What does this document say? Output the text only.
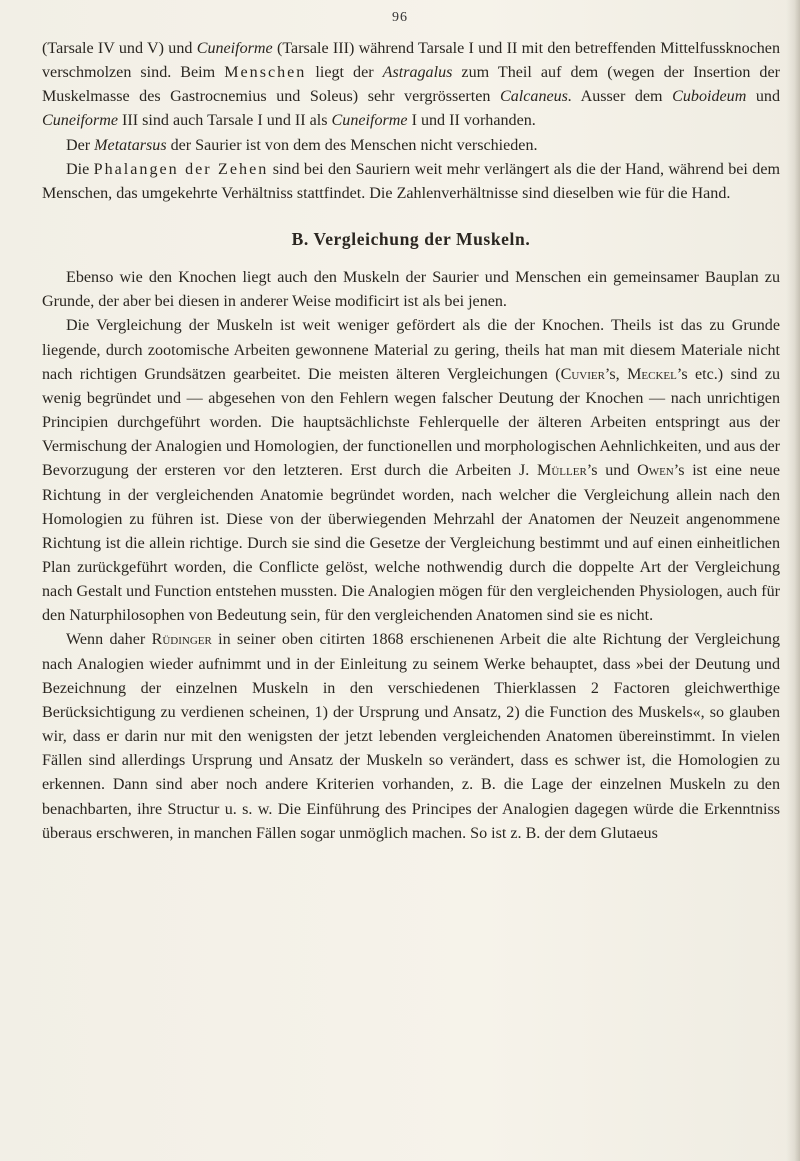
96

(Tarsale IV und V) und Cuneiforme (Tarsale III) während Tarsale I und II mit den betreffenden Mittelfussknochen verschmolzen sind. Beim Menschen liegt der Astragalus zum Theil auf dem (wegen der Insertion der Muskelmasse des Gastrocnemius und Soleus) sehr vergrösserten Calcaneus. Ausser dem Cuboideum und Cuneiforme III sind auch Tarsale I und II als Cuneiforme I und II vorhanden.

Der Metatarsus der Saurier ist von dem des Menschen nicht verschieden.

Die Phalangen der Zehen sind bei den Sauriern weit mehr verlängert als die der Hand, während bei dem Menschen, das umgekehrte Verhältniss stattfindet. Die Zahlenverhältnisse sind dieselben wie für die Hand.

B. Vergleichung der Muskeln.

Ebenso wie den Knochen liegt auch den Muskeln der Saurier und Menschen ein gemeinsamer Bauplan zu Grunde, der aber bei diesen in anderer Weise modificirt ist als bei jenen.

Die Vergleichung der Muskeln ist weit weniger gefördert als die der Knochen. Theils ist das zu Grunde liegende, durch zootomische Arbeiten gewonnene Material zu gering, theils hat man mit diesem Materiale nicht nach richtigen Grundsätzen gearbeitet. Die meisten älteren Vergleichungen (Cuvier’s, Meckel’s etc.) sind zu wenig begründet und — abgesehen von den Fehlern wegen falscher Deutung der Knochen — nach unrichtigen Principien durchgeführt worden. Die hauptsächlichste Fehlerquelle der älteren Arbeiten entspringt aus der Vermischung der Analogien und Homologien, der functionellen und morphologischen Aehnlichkeiten, und aus der Bevorzugung der ersteren vor den letzteren. Erst durch die Arbeiten J. Müller’s und Owen’s ist eine neue Richtung in der vergleichenden Anatomie begründet worden, nach welcher die Vergleichung allein nach den Homologien zu führen ist. Diese von der überwiegenden Mehrzahl der Anatomen der Neuzeit angenommene Richtung ist die allein richtige. Durch sie sind die Gesetze der Vergleichung bestimmt und auf einen einheitlichen Plan zurückgeführt worden, die Conflicte gelöst, welche nothwendig durch die doppelte Art der Vergleichung nach Gestalt und Function entstehen mussten. Die Analogien mögen für den vergleichenden Physiologen, auch für den Naturphilosophen von Bedeutung sein, für den vergleichenden Anatomen sind sie es nicht.

Wenn daher Rüdinger in seiner oben citirten 1868 erschienenen Arbeit die alte Richtung der Vergleichung nach Analogien wieder aufnimmt und in der Einleitung zu seinem Werke behauptet, dass »bei der Deutung und Bezeichnung der einzelnen Muskeln in den verschiedenen Thierklassen 2 Factoren gleichwerthige Berücksichtigung zu verdienen scheinen, 1) der Ursprung und Ansatz, 2) die Function des Muskels«, so glauben wir, dass er darin nur mit den wenigsten der jetzt lebenden vergleichenden Anatomen übereinstimmt. In vielen Fällen sind allerdings Ursprung und Ansatz der Muskeln so verändert, dass es schwer ist, die Homologien zu erkennen. Dann sind aber noch andere Kriterien vorhanden, z. B. die Lage der einzelnen Muskeln zu den benachbarten, ihre Structur u. s. w. Die Einführung des Principes der Analogien dagegen würde die Erkenntniss überaus erschweren, in manchen Fällen sogar unmöglich machen. So ist z. B. der dem Glutaeus
